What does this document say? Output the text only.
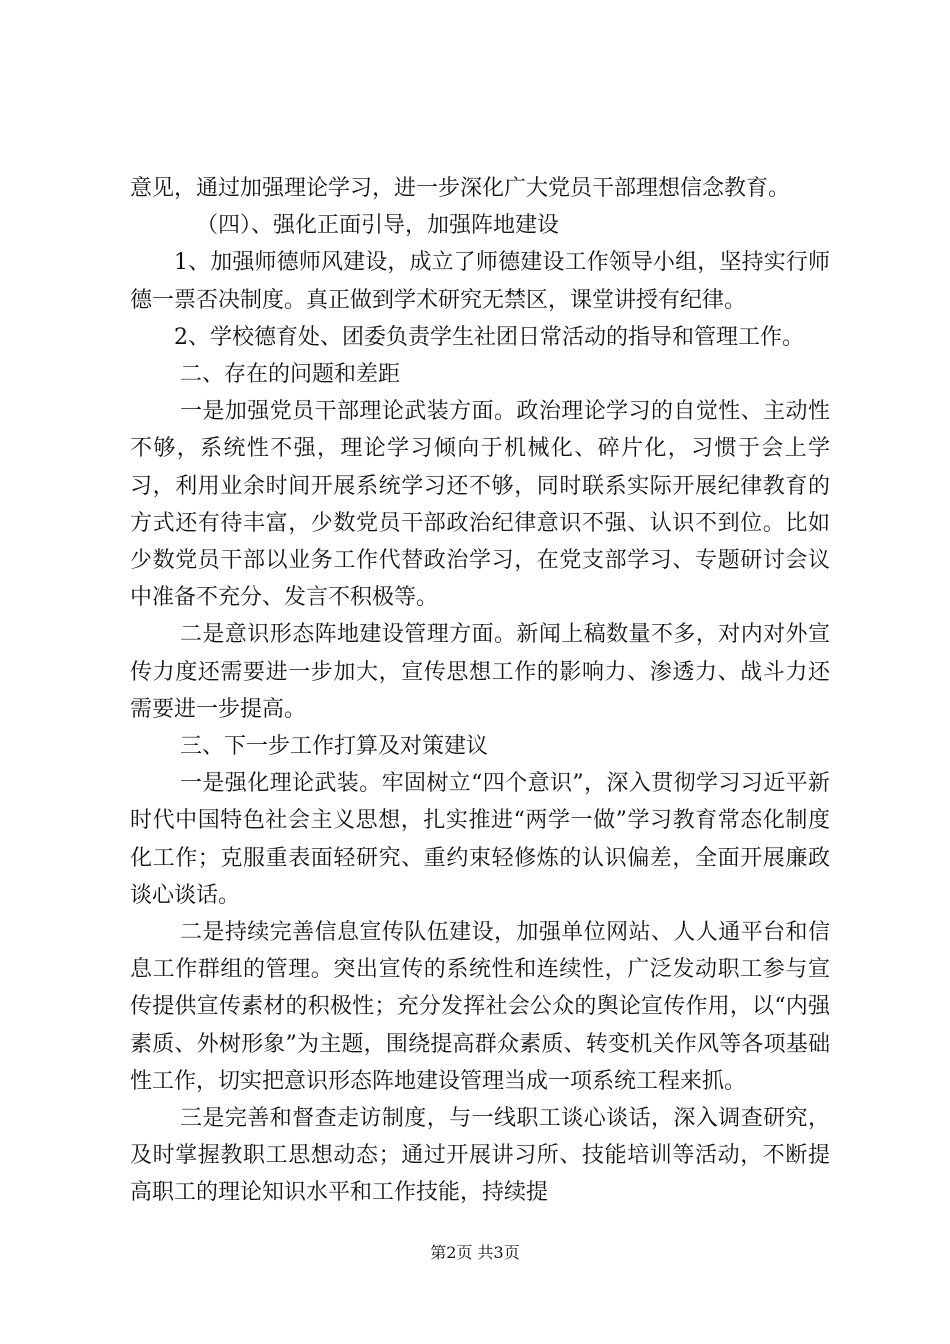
意见，通过加强理论学习，进一步深化广大党员干部理想信念教育。

（四）、强化正面引导，加强阵地建设

1、加强师德师风建设，成立了师德建设工作领导小组，坚持实行师德一票否决制度。真正做到学术研究无禁区，课堂讲授有纪律。

2、学校德育处、团委负责学生社团日常活动的指导和管理工作。

二、存在的问题和差距

一是加强党员干部理论武装方面。政治理论学习的自觉性、主动性不够，系统性不强，理论学习倾向于机械化、碎片化，习惯于会上学习，利用业余时间开展系统学习还不够，同时联系实际开展纪律教育的方式还有待丰富，少数党员干部政治纪律意识不强、认识不到位。比如少数党员干部以业务工作代替政治学习，在党支部学习、专题研讨会议中准备不充分、发言不积极等。

二是意识形态阵地建设管理方面。新闻上稿数量不多，对内对外宣传力度还需要进一步加大，宣传思想工作的影响力、渗透力、战斗力还需要进一步提高。

三、下一步工作打算及对策建议

一是强化理论武装。牢固树立“四个意识”，深入贯彻学习习近平新时代中国特色社会主义思想，扎实推进“两学一做”学习教育常态化制度化工作；克服重表面轻研究、重约束轻修炼的认识偏差，全面开展廉政谈心谈话。

二是持续完善信息宣传队伍建设，加强单位网站、人人通平台和信息工作群组的管理。突出宣传的系统性和连续性，广泛发动职工参与宣传提供宣传素材的积极性；充分发挥社会公众的舆论宣传作用，以“内强素质、外树形象”为主题，围绕提高群众素质、转变机关作风等各项基础性工作，切实把意识形态阵地建设管理当成一项系统工程来抓。

三是完善和督查走访制度，与一线职工谈心谈话，深入调查研究，及时掌握教职工思想动态；通过开展讲习所、技能培训等活动，不断提高职工的理论知识水平和工作技能，持续提

第2页 共3页
